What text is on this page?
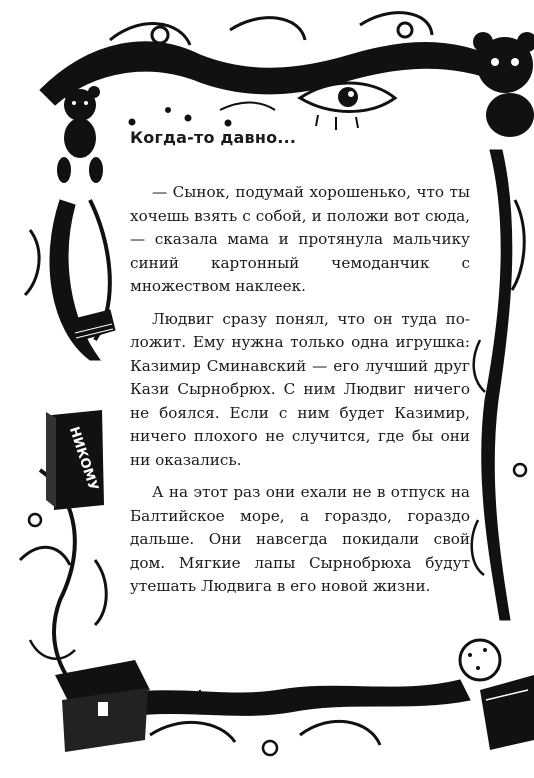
НИКОМУ
Когда-то давно...

— Сынок, подумай хорошенько, что ты хочешь взять с собой, и положи вот сюда, — сказала мама и протянула мальчику синий картонный чемоданчик с множеством наклеек.

Людвиг сразу понял, что он туда положит. Ему нужна только одна игрушка: Казимир Сминавский — его лучший друг Кази Сырнобрюх. С ним Людвиг ничего не боялся. Если с ним будет Казимир, ничего плохого не случится, где бы они ни оказались.

А на этот раз они ехали не в отпуск на Балтийское море, а гораздо, гораздо дальше. Они навсегда покидали свой дом. Мягкие лапы Сырнобрюха будут утешать Людвига в его новой жизни.
